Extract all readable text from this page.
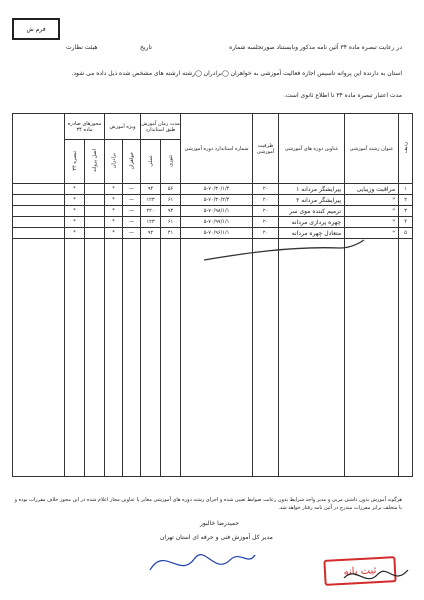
فرم ش
هیئت نظارت	تاریخ	در رعایت تبصره ماده ۳۴ آئین نامه مذکور وبابستناد صورتجلسه شماره
استان به دارنده این پروانه تاسیس اجازه فعالیت آموزشی به خواهران ◯برادران ◯رشته ارشته های مشخص شده ذیل داده می شود.
مدت اعتبار تبصره ماده ۳۴ تا اطلاع ثانوی است.
ردیف	عنوان رشته آموزشی	عناوین دوره های آموزشی	ظرفیت آموزشی	شماره استاندارد دوره آموزشی	مدت زمان آموزش طبق استاندارد		ویژه آموزش		مجوزهای صادره ماده ۳۴		
					تئوری	عملی	خواهران	برادران	اصل پروانه	تبصره ۳۴	
۱	مراقبت وزیبایی	پیرایشگر مردانه ۱	۲۰	۵-۷۰/۳۰/۱/۴	۵۶	۹۴	—	*		*	
۲	"	پیرایشگر مردانه ۲	۲۰	۵-۷۰/۳۰/۲/۴	۶۱	۱۲۳	—	*		*	
۳	"	ترمیم کننده موی سر	۲۰	۵-۷۰/۹۸/۱/۱	۹۴	۲۲۰	—	*		*	
۴	"	چهره پردازی مردانه	۲۰	۵-۷۰/۹۷/۱/۱	۶۱	۱۲۳	—	*		*	
۵	"	متعادل چهره مردانه	۲۰	۵-۷۰/۹۶/۱/۱	۴۱	۹۲	—	*		*	

هرگونه آموزش بدون داشتن مربی و مدیر واجد شرایط بدون رعایت ضوابط تعیین شده و اجرای رشته دوره های آموزشی مغایر با عناوین مجاز اعلام شده در این مجوز خلاف مقررات بوده و با متخلف برابر مقررات مندرج در آئین نامه رفتار خواهد شد.
حمیدرضا خالبور
مدیر کل آموزش فنی و حرفه ای استان تهران
ثبت یانه
